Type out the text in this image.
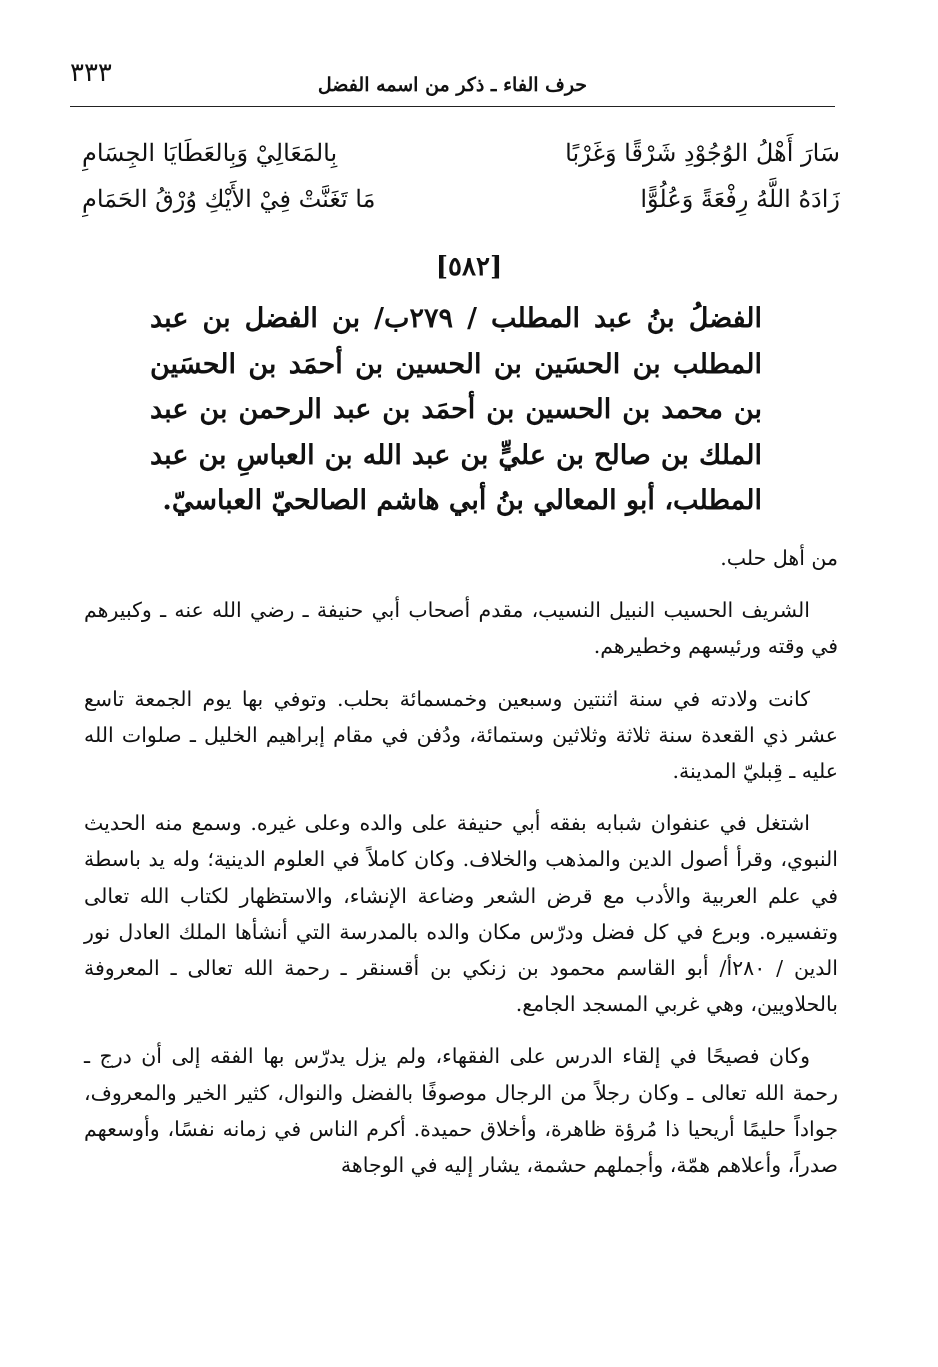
٣٣٣	حرف الفاء ـ ذكر من اسمه الفضل
سَارَ أَهْلُ الوُجُوْدِ شَرْقًا وَغَرْبًا
بِالمَعَالِيْ وَبِالعَطَايَا الجِسَامِ
زَادَهُ اللَّهُ رِفْعَةً وَعُلُوًّا
مَا تَغَنَّتْ فِيْ الأَيْكِ وُرْقُ الحَمَامِ
[٥٨٢]
الفضلُ بنُ عبد المطلب / ٢٧٩ب/ بن الفضل بن عبد المطلب بن الحسَين بن الحسين بن أحمَد بن الحسَين بن محمد بن الحسين بن أحمَد بن عبد الرحمن بن عبد الملك بن صالح بن عليٍّ بن عبد الله بن العباسِ بن عبد المطلب، أبو المعالي بنُ أبي هاشم الصالحيّ العباسيّ.

من أهل حلب.

الشريف الحسيب النبيل النسيب، مقدم أصحاب أبي حنيفة ـ رضي الله عنه ـ وكبيرهم في وقته ورئيسهم وخطيرهم.

كانت ولادته في سنة اثنتين وسبعين وخمسمائة بحلب. وتوفي بها يوم الجمعة تاسع عشر ذي القعدة سنة ثلاثة وثلاثين وستمائة، ودُفن في مقام إبراهيم الخليل ـ صلوات الله عليه ـ قِبليّ المدينة.

اشتغل في عنفوان شبابه بفقه أبي حنيفة على والده وعلى غيره. وسمع منه الحديث النبوي، وقرأ أصول الدين والمذهب والخلاف. وكان كاملاً في العلوم الدينية؛ وله يد باسطة في علم العربية والأدب مع قرض الشعر وضاعة الإنشاء، والاستظهار لكتاب الله تعالى وتفسيره. وبرع في كل فضل ودرّس مكان والده بالمدرسة التي أنشأها الملك العادل نور الدين / ٢٨٠أ/ أبو القاسم محمود بن زنكي بن أقسنقر ـ رحمة الله تعالى ـ المعروفة بالحلاويين، وهي غربي المسجد الجامع.

وكان فصيحًا في إلقاء الدرس على الفقهاء، ولم يزل يدرّس بها الفقه إلى أن درج ـ رحمة الله تعالى ـ وكان رجلاً من الرجال موصوفًا بالفضل والنوال، كثير الخير والمعروف، جواداً حليمًا أريحيا ذا مُرؤة ظاهرة، وأخلاق حميدة. أكرم الناس في زمانه نفسًا، وأوسعهم صدراً، وأعلاهم همّة، وأجملهم حشمة، يشار إليه في الوجاهة
